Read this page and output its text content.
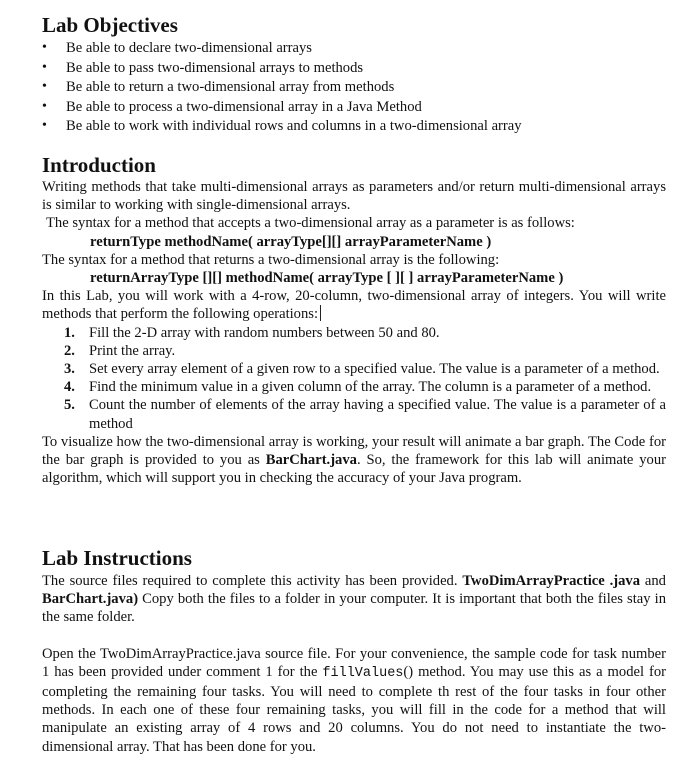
Lab Objectives
• Be able to declare two-dimensional arrays
• Be able to pass two-dimensional arrays to methods
• Be able to return a two-dimensional array from methods
• Be able to process a two-dimensional array in a Java Method
• Be able to work with individual rows and columns in a two-dimensional array
Introduction

Writing methods that take multi-dimensional arrays as parameters and/or return multi-dimensional arrays is similar to working with single-dimensional arrays.

The syntax for a method that accepts a two-dimensional array as a parameter is as follows:

returnType methodName( arrayType[][] arrayParameterName )

The syntax for a method that returns a two-dimensional array is the following:

returnArrayType [][] methodName( arrayType [ ][ ] arrayParameterName )

In this Lab, you will work with a 4-row, 20-column, two-dimensional array of integers. You will write methods that perform the following operations:

1. Fill the 2-D array with random numbers between 50 and 80.
2. Print the array.
3. Set every array element of a given row to a specified value. The value is a parameter of a method.
4. Find the minimum value in a given column of the array. The column is a parameter of a method.
5. Count the number of elements of the array having a specified value. The value is a parameter of a method

To visualize how the two-dimensional array is working, your result will animate a bar graph. The Code for the bar graph is provided to you as BarChart.java. So, the framework for this lab will animate your algorithm, which will support you in checking the accuracy of your Java program.

Lab Instructions

The source files required to complete this activity has been provided. TwoDimArrayPractice .java and BarChart.java) Copy both the files to a folder in your computer. It is important that both the files stay in the same folder.

Open the TwoDimArrayPractice.java source file. For your convenience, the sample code for task number 1 has been provided under comment 1 for the fillValues() method. You may use this as a model for completing the remaining four tasks. You will need to complete th rest of the four tasks in four other methods. In each one of these four remaining tasks, you will fill in the code for a method that will manipulate an existing array of 4 rows and 20 columns. You do not need to instantiate the two-dimensional array. That has been done for you.
